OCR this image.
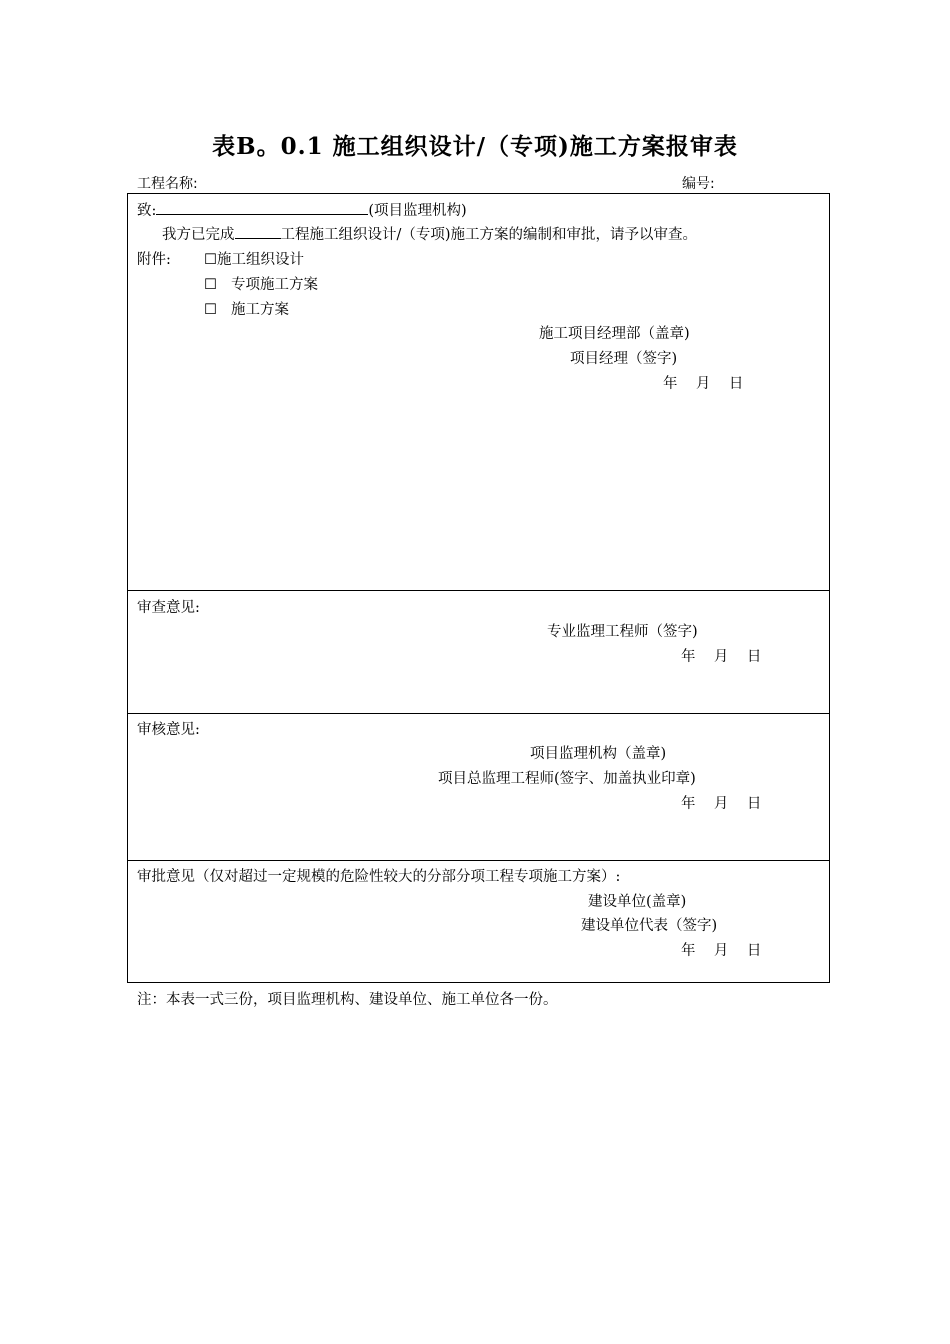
表B。0.1 施工组织设计/（专项)施工方案报审表
工程名称:	编号:
致:	(项目监理机构)
我方已完成	工程施工组织设计/（专项)施工方案的编制和审批，请予以审查。
附件: ☐施工组织设计
☐ 专项施工方案
☐ 施工方案
施工项目经理部（盖章)
项目经理（签字)
年    月    日
审查意见:
专业监理工程师（签字)
年    月    日
审核意见:
项目监理机构（盖章)
项目总监理工程师(签字、加盖执业印章)
年    月    日
审批意见（仅对超过一定规模的危险性较大的分部分项工程专项施工方案）:
建设单位(盖章)
建设单位代表（签字)
年    月    日
注：本表一式三份，项目监理机构、建设单位、施工单位各一份。
